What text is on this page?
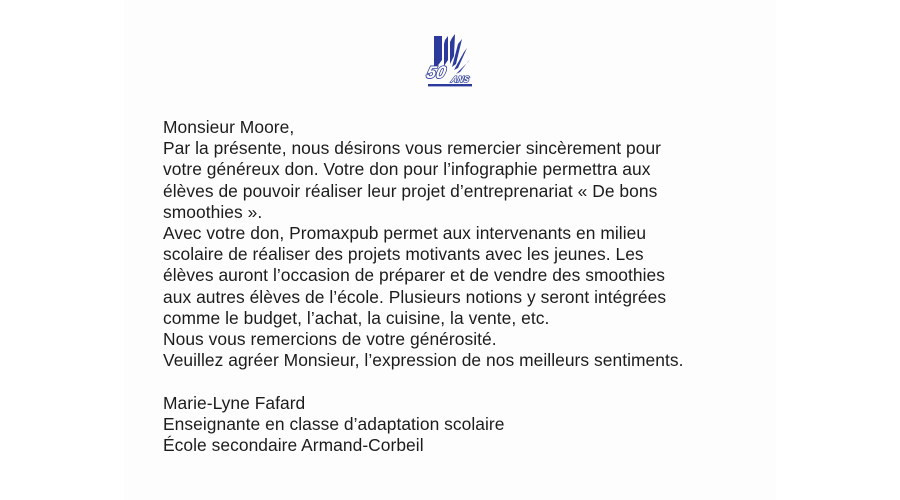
50 ANS
Monsieur Moore,
Par la présente, nous désirons vous remercier sincèrement pour
votre généreux don. Votre don pour l’infographie permettra aux
élèves de pouvoir réaliser leur projet d’entreprenariat « De bons
smoothies ».
Avec votre don, Promaxpub permet aux intervenants en milieu
scolaire de réaliser des projets motivants avec les jeunes. Les
élèves auront l’occasion de préparer et de vendre des smoothies
aux autres élèves de l’école. Plusieurs notions y seront intégrées
comme le budget, l’achat, la cuisine, la vente, etc.
Nous vous remercions de votre générosité.
Veuillez agréer Monsieur, l’expression de nos meilleurs sentiments.
Marie-Lyne Fafard
Enseignante en classe d’adaptation scolaire
École secondaire Armand-Corbeil
